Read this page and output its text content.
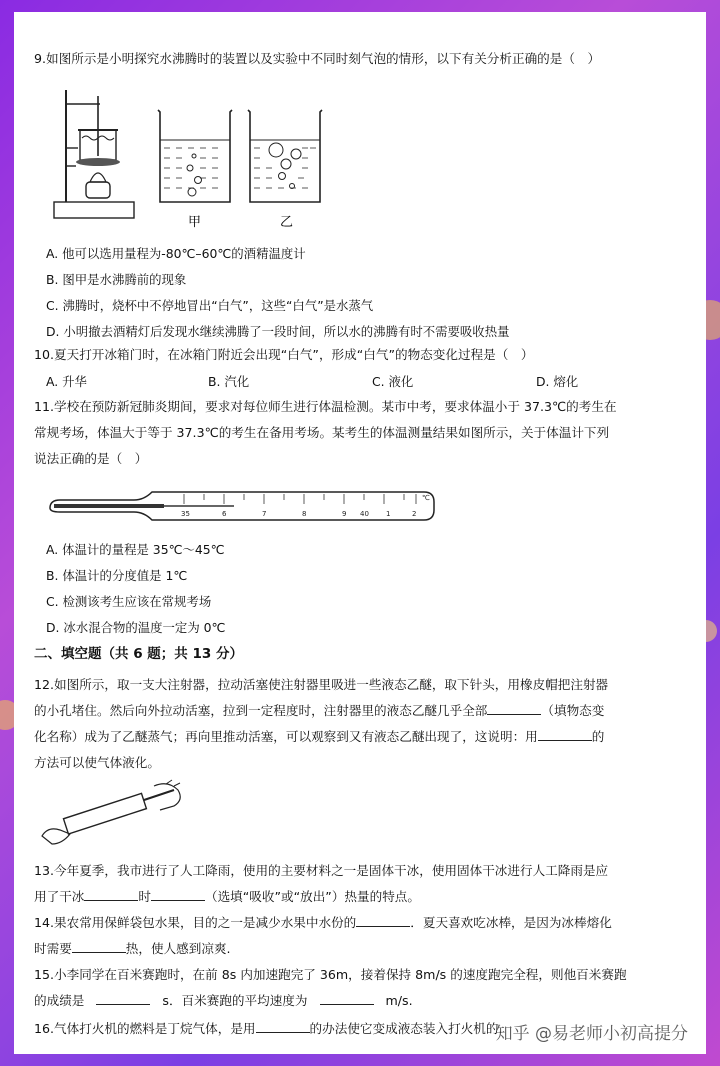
9.如图所示是小明探究水沸腾时的装置以及实验中不同时刻气泡的情形，以下有关分析正确的是（　）
甲	乙
A. 他可以选用量程为-80℃–60℃的酒精温度计
B. 图甲是水沸腾前的现象
C. 沸腾时，烧杯中不停地冒出“白气”，这些“白气”是水蒸气
D. 小明撤去酒精灯后发现水继续沸腾了一段时间，所以水的沸腾有时不需要吸收热量
10.夏天打开冰箱门时，在冰箱门附近会出现“白气”，形成“白气”的物态变化过程是（　）
A. 升华	B. 汽化	C. 液化	D. 熔化
11.学校在预防新冠肺炎期间，要求对每位师生进行体温检测。某市中考，要求体温小于 37.3℃的考生在
常规考场，体温大于等于 37.3℃的考生在备用考场。某考生的体温测量结果如图所示，关于体温计下列
说法正确的是（　）
35	6	7	8	9 40 1	2
℃
A. 体温计的量程是 35℃～45℃
B. 体温计的分度值是 1℃
C. 检测该考生应该在常规考场
D. 冰水混合物的温度一定为 0℃
二、填空题（共 6 题；共 13 分）
12.如图所示，取一支大注射器，拉动活塞使注射器里吸进一些液态乙醚，取下针头，用橡皮帽把注射器
的小孔堵住。然后向外拉动活塞，拉到一定程度时，注射器里的液态乙醚几乎全部	（填物态变
化名称）成为了乙醚蒸气；再向里推动活塞，可以观察到又有液态乙醚出现了，这说明：用	的
方法可以使气体液化。
13.今年夏季，我市进行了人工降雨，使用的主要材料之一是固体干冰，使用固体干冰进行人工降雨是应
用了干冰	时	（选填“吸收”或“放出”）热量的特点。
14.果农常用保鲜袋包水果，目的之一是减少水果中水份的	．夏天喜欢吃冰棒，是因为冰棒熔化
时需要	热，使人感到凉爽.
15.小李同学在百米赛跑时，在前 8s 内加速跑完了 36m，接着保持 8m/s 的速度跑完全程，则他百米赛跑
的成绩是	s．百米赛跑的平均速度为	m/s.
16.气体打火机的燃料是丁烷气体，是用	的办法使它变成液态装入打火机的.
知乎 @易老师小初高提分
